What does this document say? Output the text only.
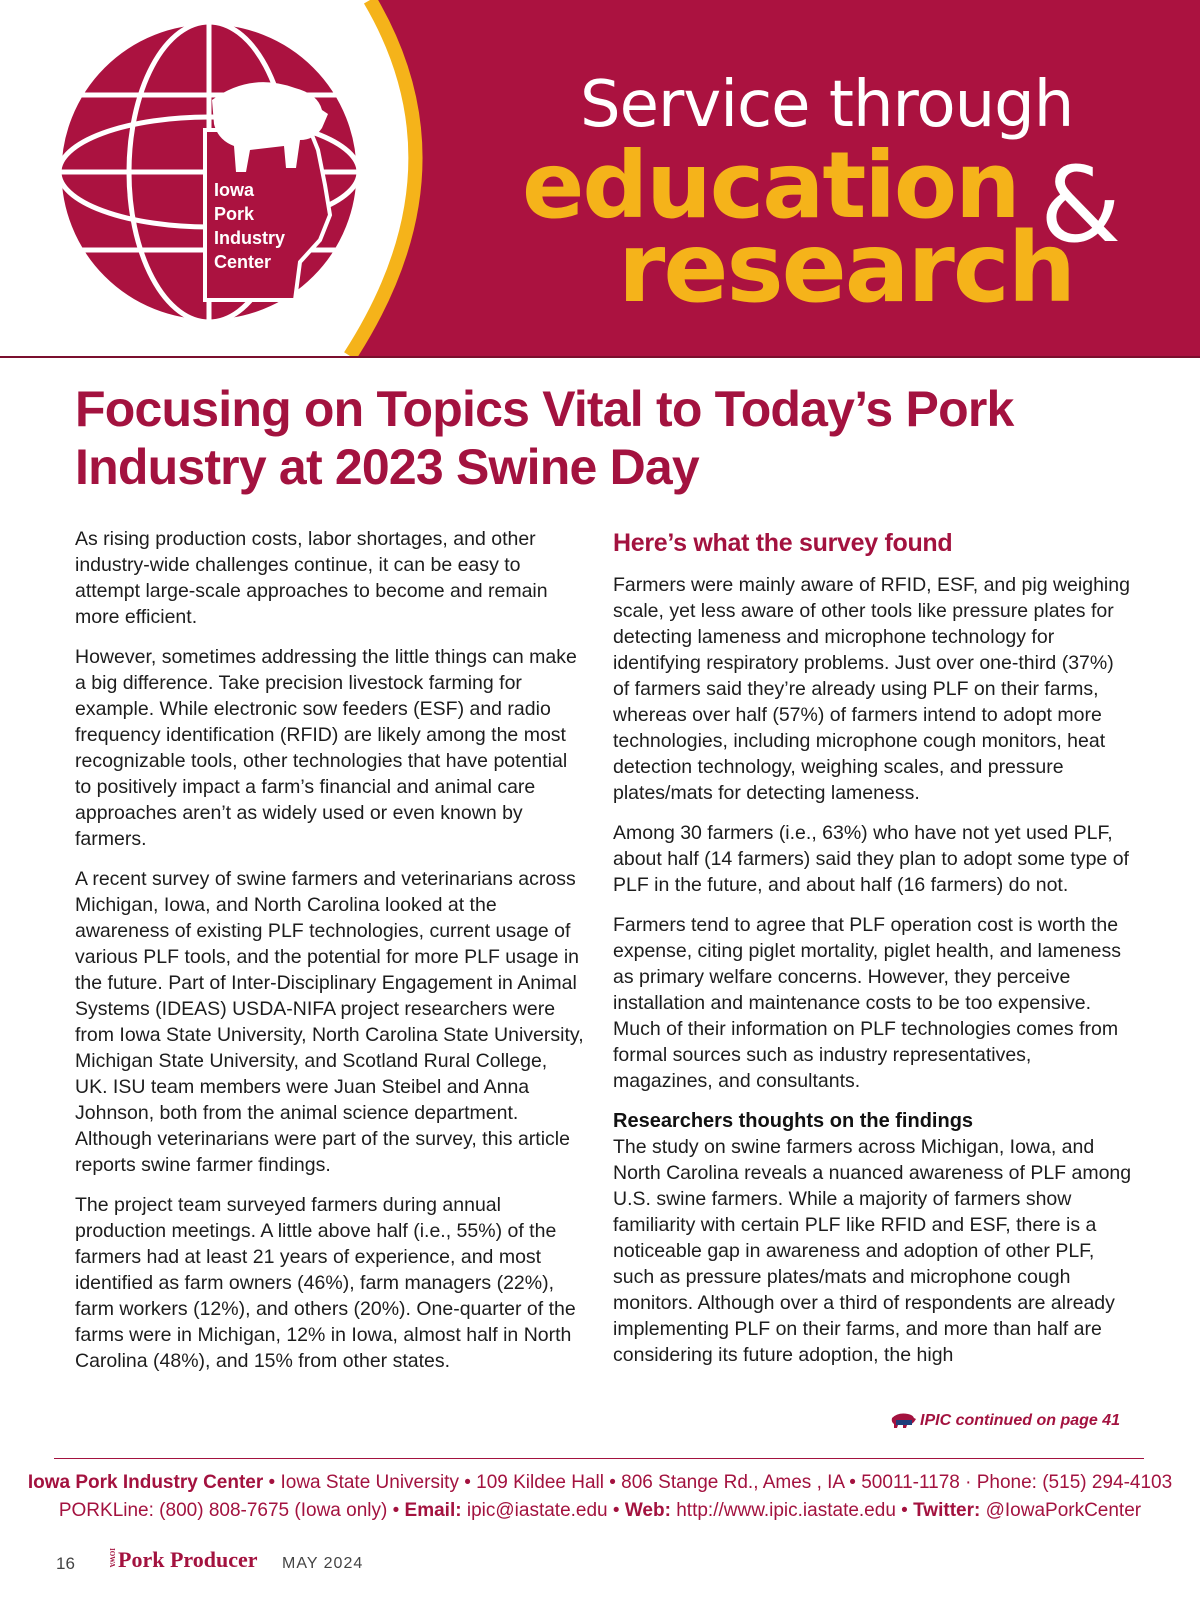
Iowa
Pork
Industry
Center
Service through
education &
research
Focusing on Topics Vital to Today’s Pork Industry at 2023 Swine Day

As rising production costs, labor shortages, and other industry-wide challenges continue, it can be easy to attempt large-scale approaches to become and remain more efficient.

However, sometimes addressing the little things can make a big difference. Take precision livestock farming for example. While electronic sow feeders (ESF) and radio frequency identification (RFID) are likely among the most recognizable tools, other technologies that have potential to positively impact a farm’s financial and animal care approaches aren’t as widely used or even known by farmers.

A recent survey of swine farmers and veterinarians across Michigan, Iowa, and North Carolina looked at the awareness of existing PLF technologies, current usage of various PLF tools, and the potential for more PLF usage in the future. Part of Inter-Disciplinary Engagement in Animal Systems (IDEAS) USDA-NIFA project researchers were from Iowa State University, North Carolina State University, Michigan State University, and Scotland Rural College, UK. ISU team members were Juan Steibel and Anna Johnson, both from the animal science department. Although veterinarians were part of the survey, this article reports swine farmer findings.

The project team surveyed farmers during annual production meetings. A little above half (i.e., 55%) of the farmers had at least 21 years of experience, and most identified as farm owners (46%), farm managers (22%), farm workers (12%), and others (20%). One-quarter of the farms were in Michigan, 12% in Iowa, almost half in North Carolina (48%), and 15% from other states.

Here’s what the survey found

Farmers were mainly aware of RFID, ESF, and pig weighing scale, yet less aware of other tools like pressure plates for detecting lameness and microphone technology for identifying respiratory problems. Just over one-third (37%) of farmers said they’re already using PLF on their farms, whereas over half (57%) of farmers intend to adopt more technologies, including microphone cough monitors, heat detection technology, weighing scales, and pressure plates/mats for detecting lameness.

Among 30 farmers (i.e., 63%) who have not yet used PLF, about half (14 farmers) said they plan to adopt some type of PLF in the future, and about half (16 farmers) do not.

Farmers tend to agree that PLF operation cost is worth the expense, citing piglet mortality, piglet health, and lameness as primary welfare concerns. However, they perceive installation and maintenance costs to be too expensive. Much of their information on PLF technologies comes from formal sources such as industry representatives, magazines, and consultants.

Researchers thoughts on the findings

The study on swine farmers across Michigan, Iowa, and North Carolina reveals a nuanced awareness of PLF among U.S. swine farmers. While a majority of farmers show familiarity with certain PLF like RFID and ESF, there is a noticeable gap in awareness and adoption of other PLF, such as pressure plates/mats and microphone cough monitors. Although over a third of respondents are already implementing PLF on their farms, and more than half are considering its future adoption, the high

IPIC continued on page 41
Iowa Pork Industry Center • Iowa State University • 109 Kildee Hall • 806 Stange Rd., Ames , IA • 50011-1178 · Phone: (515) 294-4103
PORKLine: (800) 808-7675 (Iowa only) • Email: ipic@iastate.edu • Web: http://www.ipic.iastate.edu • Twitter: @IowaPorkCenter
16	IOWAPork Producer MAY 2024
